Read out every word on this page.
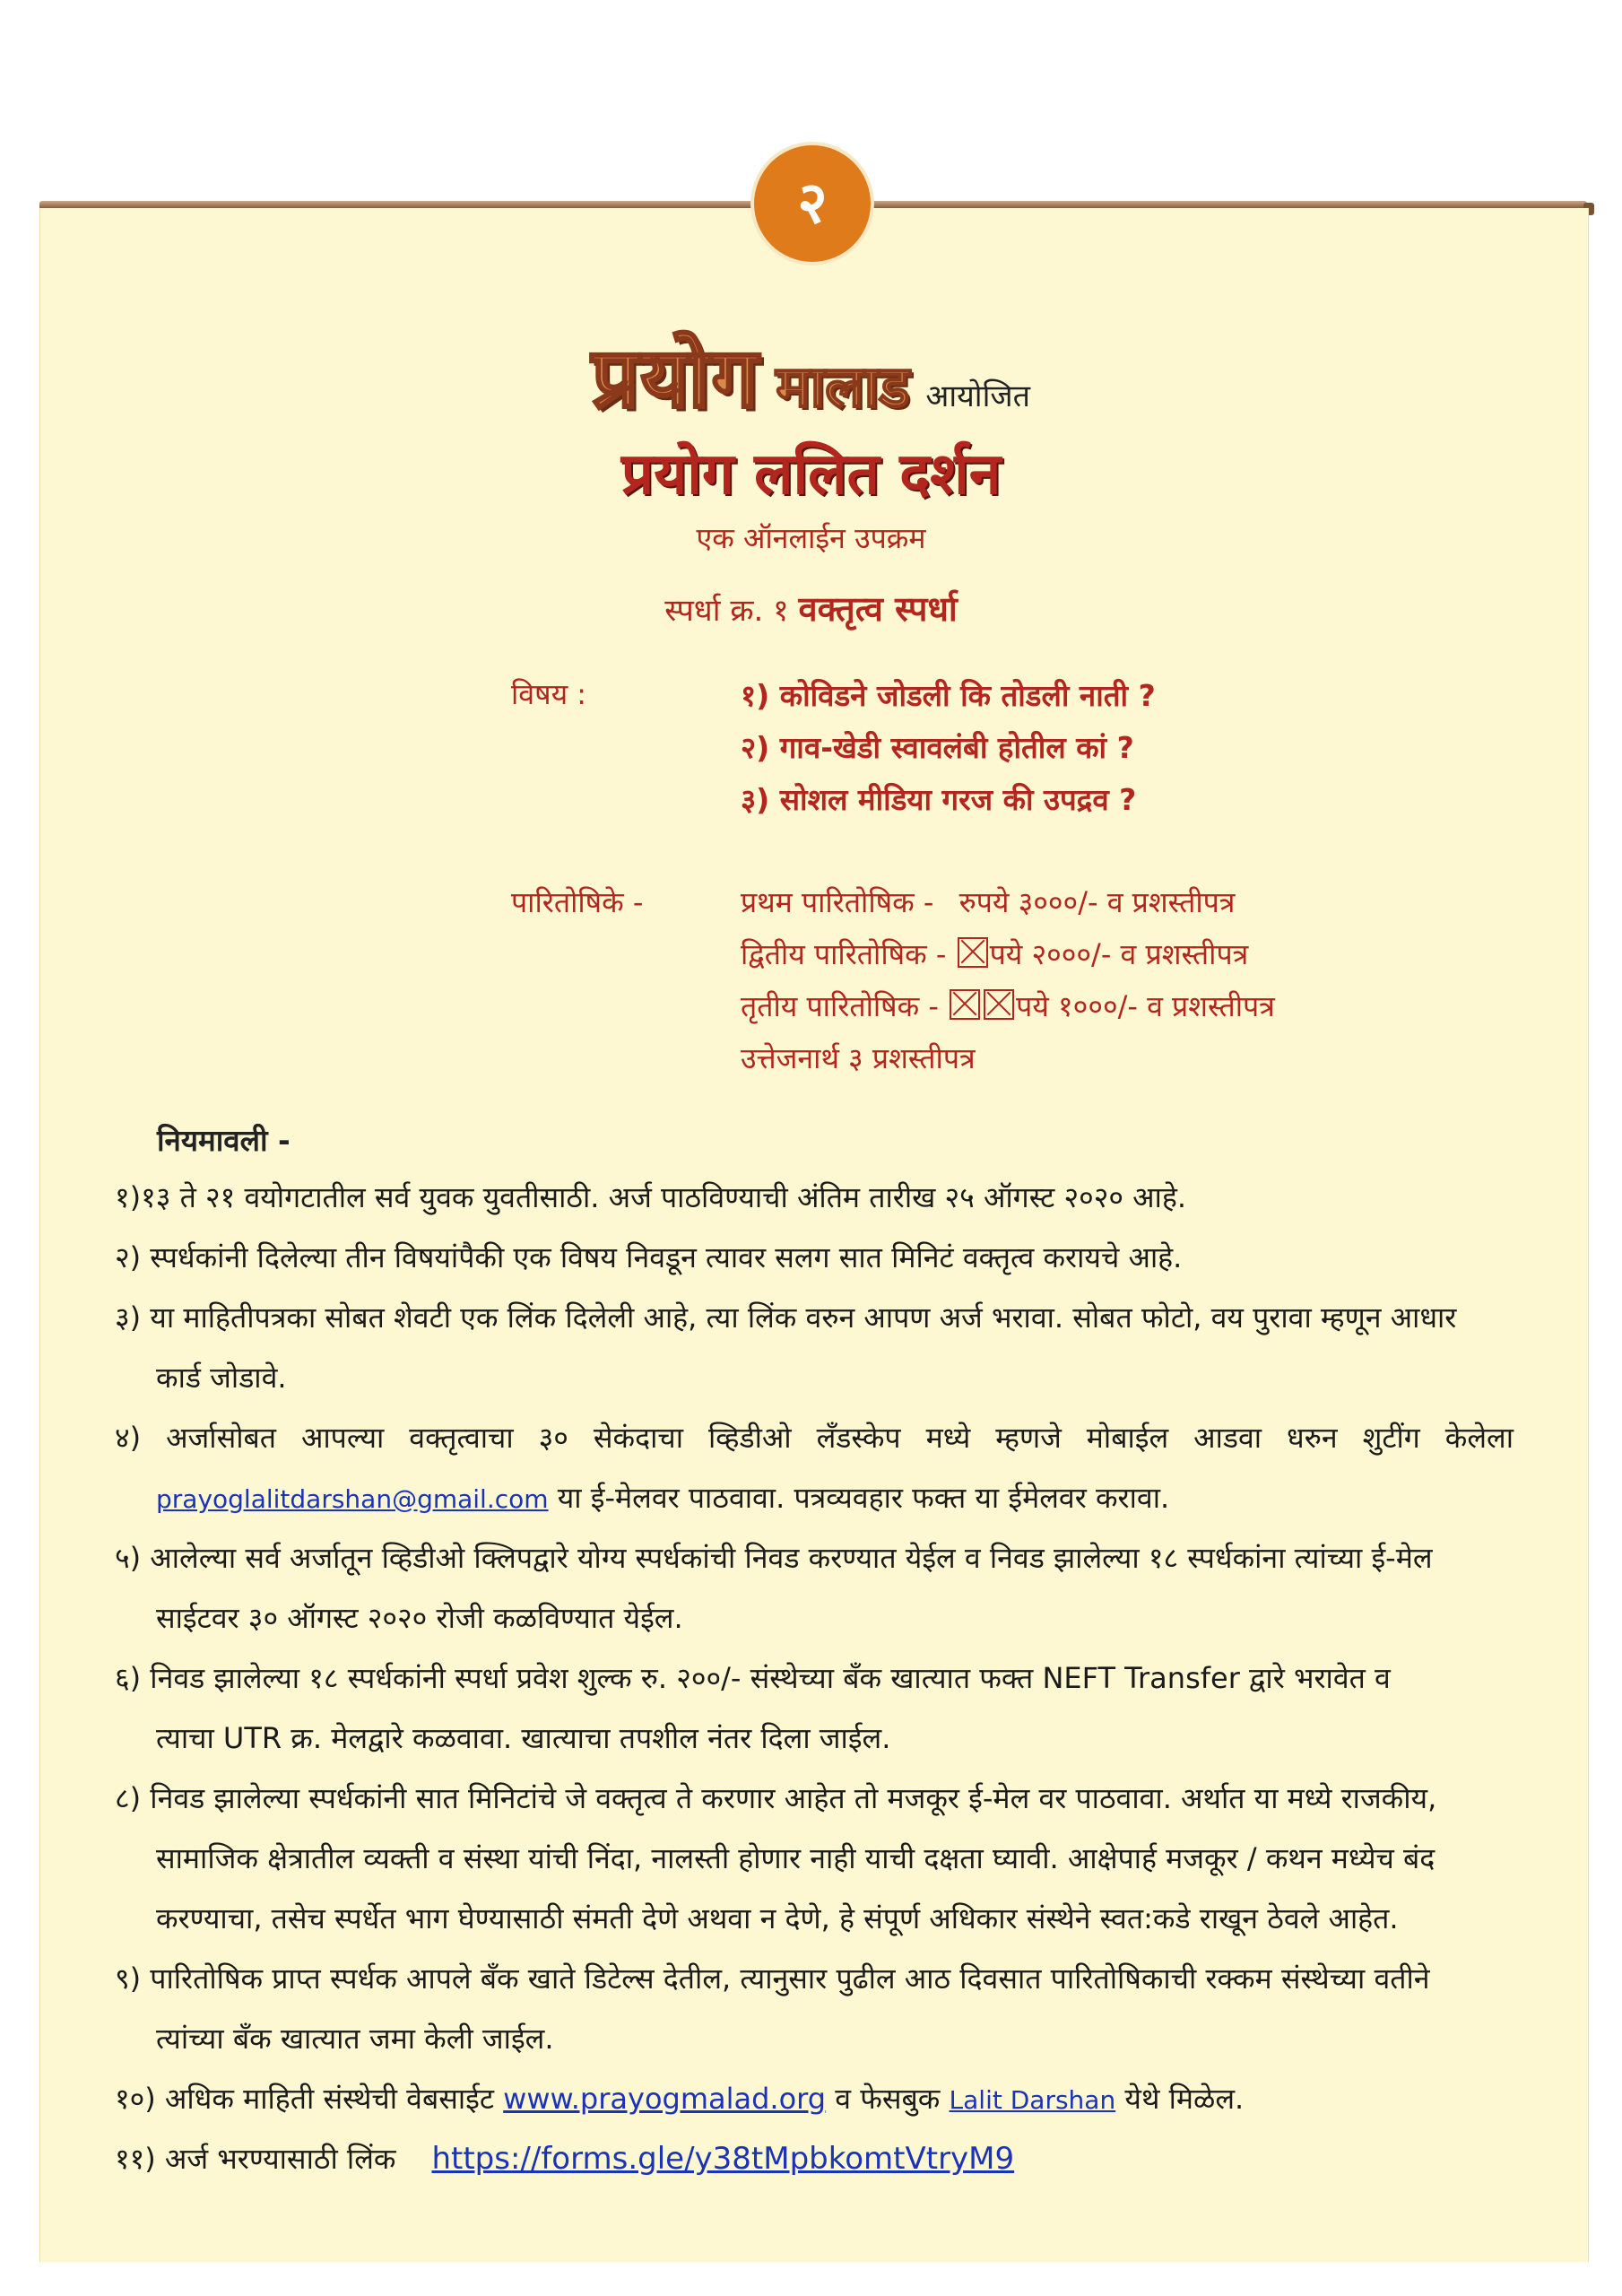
२
प्रयोग मालाड आयोजित
प्रयोग ललित दर्शन
एक ऑनलाईन उपक्रम
स्पर्धा क्र. १ वक्तृत्व स्पर्धा
विषय :	१) कोविडने जोडली कि तोडली नाती ?
२) गाव-खेडी स्वावलंबी होतील कां ?
३) सोशल मीडिया गरज की उपद्रव ?
पारितोषिके -	प्रथम पारितोषिक - रुपये ३०००/- व प्रशस्तीपत्र
द्वितीय पारितोषिक - पये २०००/- व प्रशस्तीपत्र
तृतीय पारितोषिक -	पये १०००/- व प्रशस्तीपत्र
उत्तेजनार्थ ३ प्रशस्तीपत्र
नियमावली -
१)१३ ते २१ वयोगटातील सर्व युवक युवतीसाठी. अर्ज पाठविण्याची अंतिम तारीख २५ ऑगस्ट २०२० आहे.
२) स्पर्धकांनी दिलेल्या तीन विषयांपैकी एक विषय निवडून त्यावर सलग सात मिनिटं वक्तृत्व करायचे आहे.
३) या माहितीपत्रका सोबत शेवटी एक लिंक दिलेली आहे, त्या लिंक वरुन आपण अर्ज भरावा. सोबत फोटो, वय पुरावा म्हणून आधार
कार्ड जोडावे.
४) अर्जासोबत आपल्या वक्तृत्वाचा ३० सेकंदाचा व्हिडीओ लँडस्केप मध्ये म्हणजे मोबाईल आडवा धरुन शुटींग केलेला
prayoglalitdarshan@gmail.com या ई-मेलवर पाठवावा. पत्रव्यवहार फक्त या ईमेलवर करावा.
५) आलेल्या सर्व अर्जातून व्हिडीओ क्लिपद्वारे योग्य स्पर्धकांची निवड करण्यात येईल व निवड झालेल्या १८ स्पर्धकांना त्यांच्या ई-मेल
साईटवर ३० ऑगस्ट २०२० रोजी कळविण्यात येईल.
६) निवड झालेल्या १८ स्पर्धकांनी स्पर्धा प्रवेश शुल्क रु. २००/- संस्थेच्या बँक खात्यात फक्त NEFT Transfer द्वारे भरावेत व
त्याचा UTR क्र. मेलद्वारे कळवावा. खात्याचा तपशील नंतर दिला जाईल.
८) निवड झालेल्या स्पर्धकांनी सात मिनिटांचे जे वक्तृत्व ते करणार आहेत तो मजकूर ई-मेल वर पाठवावा. अर्थात या मध्ये राजकीय,
सामाजिक क्षेत्रातील व्यक्ती व संस्था यांची निंदा, नालस्ती होणार नाही याची दक्षता घ्यावी. आक्षेपार्ह मजकूर / कथन मध्येच बंद
करण्याचा, तसेच स्पर्धेत भाग घेण्यासाठी संमती देणे अथवा न देणे, हे संपूर्ण अधिकार संस्थेने स्वत:कडे राखून ठेवले आहेत.
९) पारितोषिक प्राप्त स्पर्धक आपले बँक खाते डिटेल्स देतील, त्यानुसार पुढील आठ दिवसात पारितोषिकाची रक्कम संस्थेच्या वतीने
त्यांच्या बँक खात्यात जमा केली जाईल.
१०) अधिक माहिती संस्थेची वेबसाईट www.prayogmalad.org व फेसबुक Lalit Darshan येथे मिळेल.
११) अर्ज भरण्यासाठी लिंक https://forms.gle/y38tMpbkomtVtryM9
